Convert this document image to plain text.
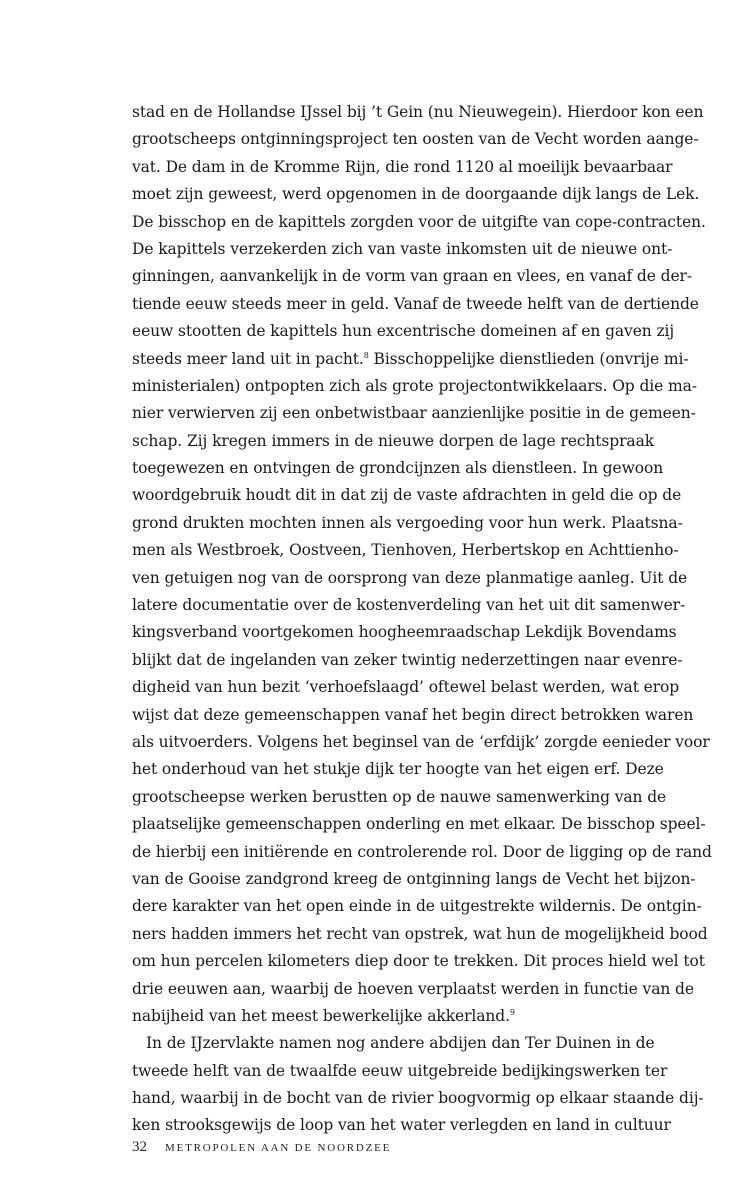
stad en de Hollandse IJssel bij ’t Gein (nu Nieuwegein). Hierdoor kon een
grootscheeps ontginningsproject ten oosten van de Vecht worden aange-
vat. De dam in de Kromme Rijn, die rond 1120 al moeilijk bevaarbaar
moet zijn geweest, werd opgenomen in de doorgaande dijk langs de Lek.
De bisschop en de kapittels zorgden voor de uitgifte van cope-contracten.
De kapittels verzekerden zich van vaste inkomsten uit de nieuwe ont-
ginningen, aanvankelijk in de vorm van graan en vlees, en vanaf de der-
tiende eeuw steeds meer in geld. Vanaf de tweede helft van de dertiende
eeuw stootten de kapittels hun excentrische domeinen af en gaven zij
steeds meer land uit in pacht.$^8$ Bisschoppelijke dienstlieden (onvrije mi-
ministerialen) ontpopten zich als grote projectontwikkelaars. Op die ma-
nier verwierven zij een onbetwistbaar aanzienlijke positie in de gemeen-
schap. Zij kregen immers in de nieuwe dorpen de lage rechtspraak
toegewezen en ontvingen de grondcijnzen als dienstleen. In gewoon
woordgebruik houdt dit in dat zij de vaste afdrachten in geld die op de
grond drukten mochten innen als vergoeding voor hun werk. Plaatsna-
men als Westbroek, Oostveen, Tienhoven, Herbertskop en Achttienho-
ven getuigen nog van de oorsprong van deze planmatige aanleg. Uit de
latere documentatie over de kostenverdeling van het uit dit samenwer-
kingsverband voortgekomen hoogheemraadschap Lekdijk Bovendams
blijkt dat de ingelanden van zeker twintig nederzettingen naar evenre-
digheid van hun bezit ‘verhoefslaagd’ oftewel belast werden, wat erop
wijst dat deze gemeenschappen vanaf het begin direct betrokken waren
als uitvoerders. Volgens het beginsel van de ‘erfdijk’ zorgde eenieder voor
het onderhoud van het stukje dijk ter hoogte van het eigen erf. Deze
grootscheepse werken berustten op de nauwe samenwerking van de
plaatselijke gemeenschappen onderling en met elkaar. De bisschop speel-
de hierbij een initiërende en controlerende rol. Door de ligging op de rand
van de Gooise zandgrond kreeg de ontginning langs de Vecht het bijzon-
dere karakter van het open einde in de uitgestrekte wildernis. De ontgin-
ners hadden immers het recht van opstrek, wat hun de mogelijkheid bood
om hun percelen kilometers diep door te trekken. Dit proces hield wel tot
drie eeuwen aan, waarbij de hoeven verplaatst werden in functie van de
nabijheid van het meest bewerkelijke akkerland.$^9$
In de IJzervlakte namen nog andere abdijen dan Ter Duinen in de
tweede helft van de twaalfde eeuw uitgebreide bedijkingswerken ter
hand, waarbij in de bocht van de rivier boogvormig op elkaar staande dij-
ken strooksgewijs de loop van het water verlegden en land in cultuur
32 METROPOLEN AAN DE NOORDZEE
